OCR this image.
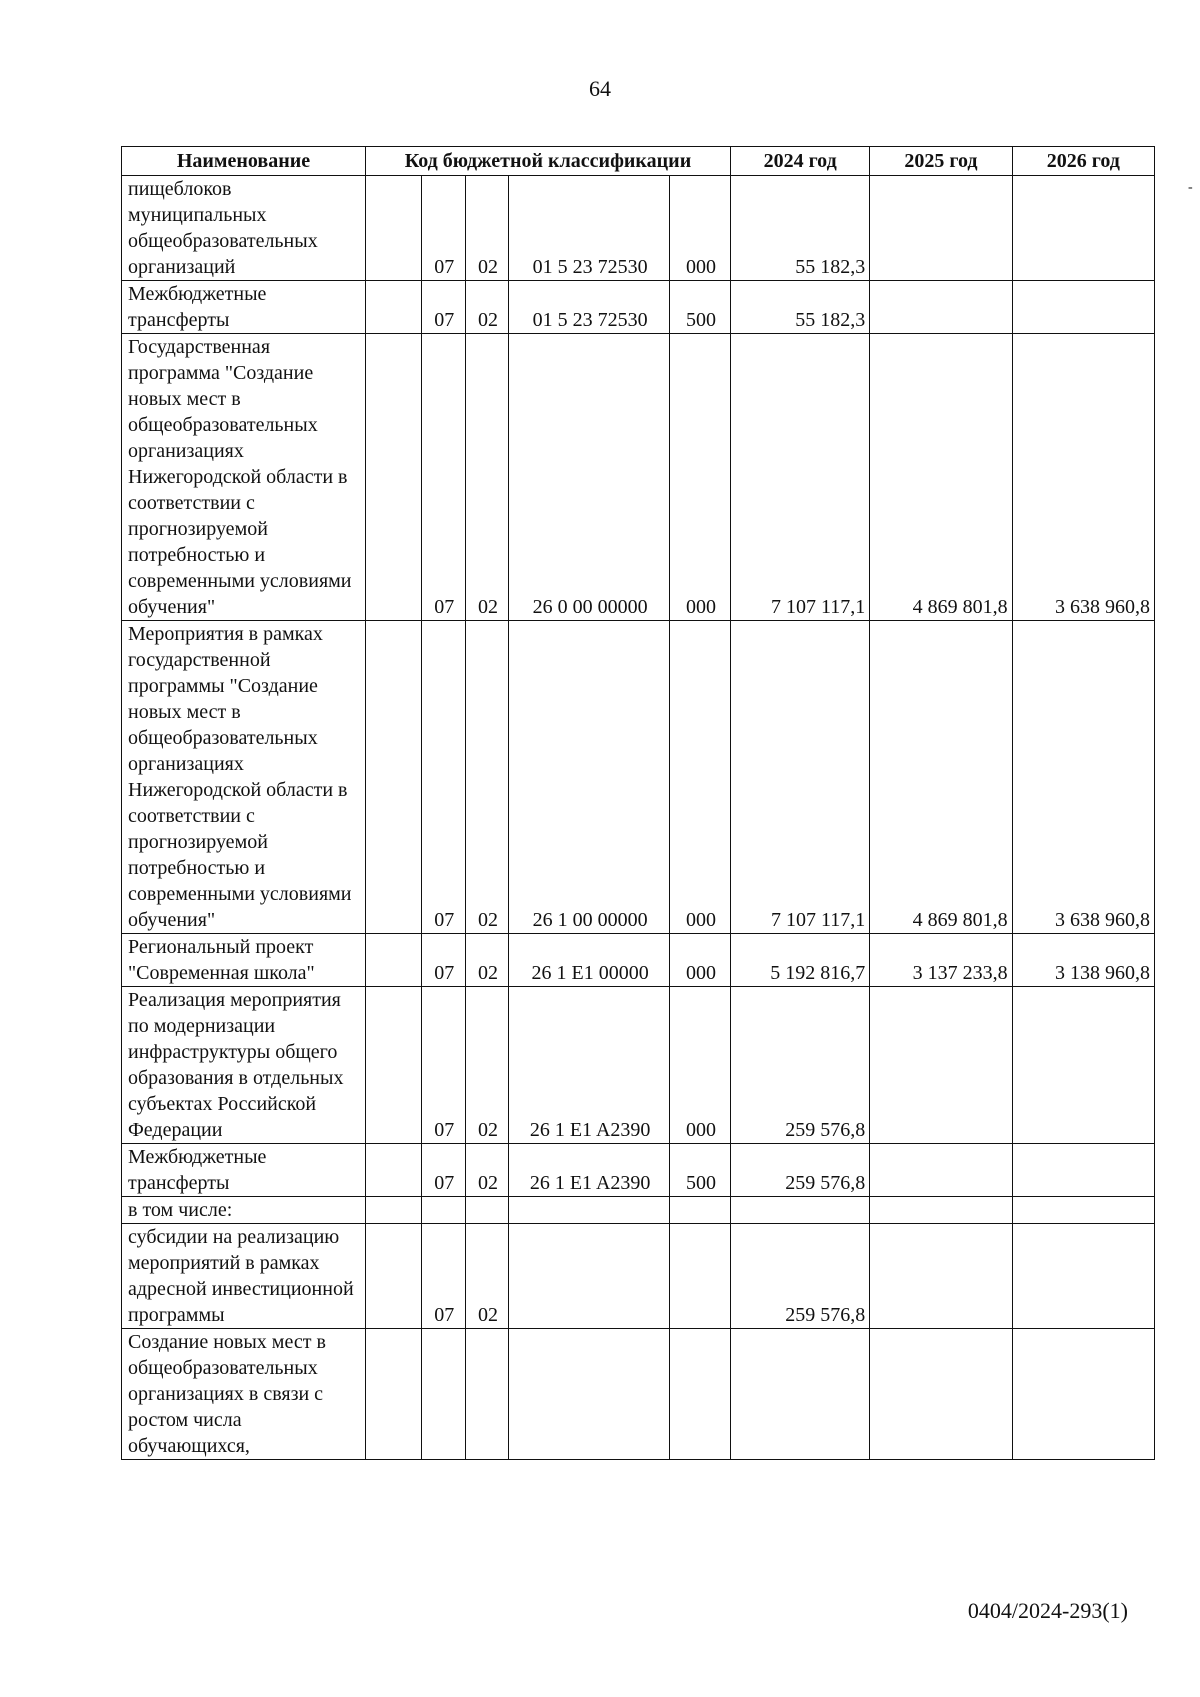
64
Наименование	Код бюджетной классификации					2024 год	2025 год	2026 год
пищеблоков муниципальных общеобразовательных организаций		07	02	01 5 23 72530	000	55 182,3		
Межбюджетные трансферты		07	02	01 5 23 72530	500	55 182,3		
Государственная программа "Создание новых мест в общеобразовательных организациях Нижегородской области в соответствии с прогнозируемой потребностью и современными условиями обучения"		07	02	26 0 00 00000	000	7 107 117,1	4 869 801,8	3 638 960,8
Мероприятия в рамках государственной программы "Создание новых мест в общеобразовательных организациях Нижегородской области в соответствии с прогнозируемой потребностью и современными условиями обучения"		07	02	26 1 00 00000	000	7 107 117,1	4 869 801,8	3 638 960,8
Региональный проект "Современная школа"		07	02	26 1 E1 00000	000	5 192 816,7	3 137 233,8	3 138 960,8
Реализация мероприятия по модернизации инфраструктуры общего образования в отдельных субъектах Российской Федерации		07	02	26 1 E1 A2390	000	259 576,8		
Межбюджетные трансферты		07	02	26 1 E1 A2390	500	259 576,8		
в том числе:								
субсидии на реализацию мероприятий в рамках адресной инвестиционной программы		07	02			259 576,8		
Создание новых мест в общеобразовательных организациях в связи с ростом числа обучающихся,								
0404/2024-293(1)
-
